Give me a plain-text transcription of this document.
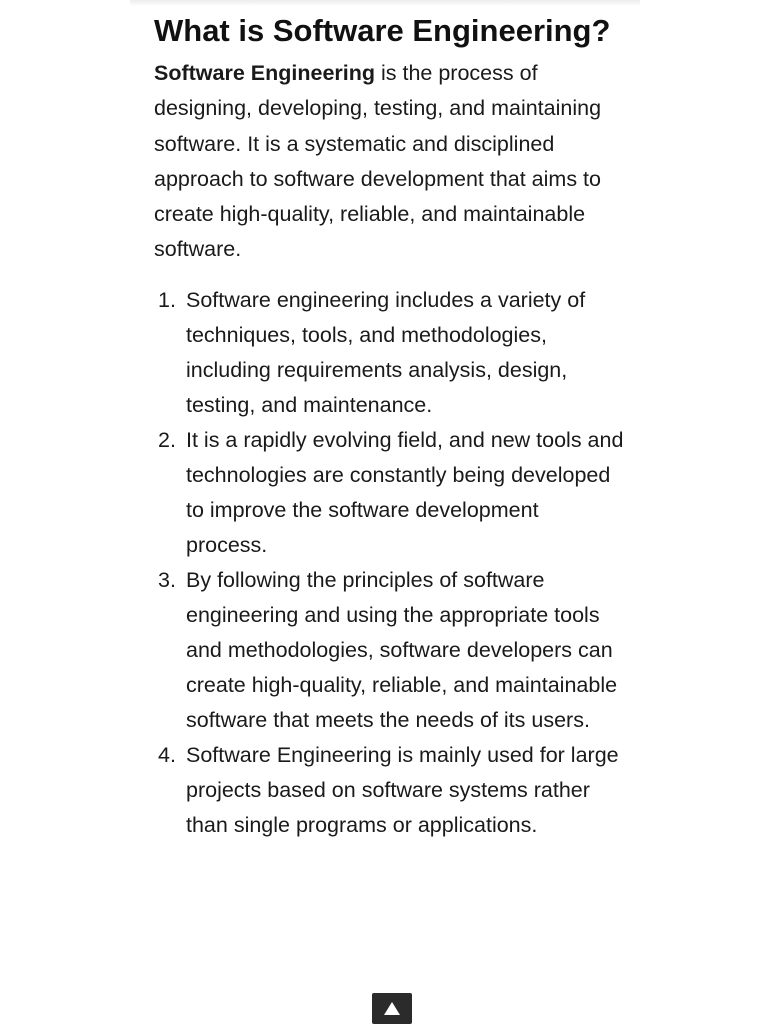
What is Software Engineering?

Software Engineering is the process of designing, developing, testing, and maintaining software. It is a systematic and disciplined approach to software development that aims to create high-quality, reliable, and maintainable software.

1. Software engineering includes a variety of techniques, tools, and methodologies, including requirements analysis, design, testing, and maintenance.
2. It is a rapidly evolving field, and new tools and technologies are constantly being developed to improve the software development process.
3. By following the principles of software engineering and using the appropriate tools and methodologies, software developers can create high-quality, reliable, and maintainable software that meets the needs of its users.
4. Software Engineering is mainly used for large projects based on software systems rather than single programs or applications.
